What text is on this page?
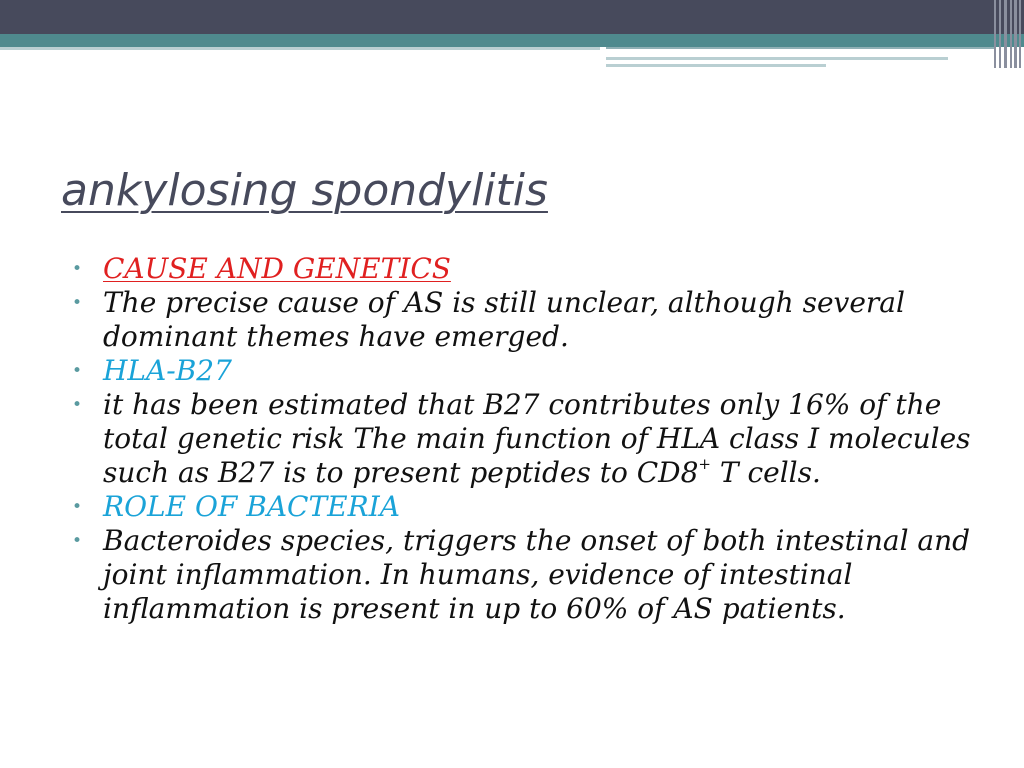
ankylosing spondylitis
• CAUSE AND GENETICS
• The precise cause of AS is still unclear, although several dominant themes have emerged.
• HLA-B27
• it has been estimated that B27 contributes only 16% of the total genetic risk The main function of HLA class I molecules such as B27 is to present peptides to CD8+ T cells.
• ROLE OF BACTERIA
• Bacteroides species, triggers the onset of both intestinal and joint inflammation. In humans, evidence of intestinal inflammation is present in up to 60% of AS patients.
